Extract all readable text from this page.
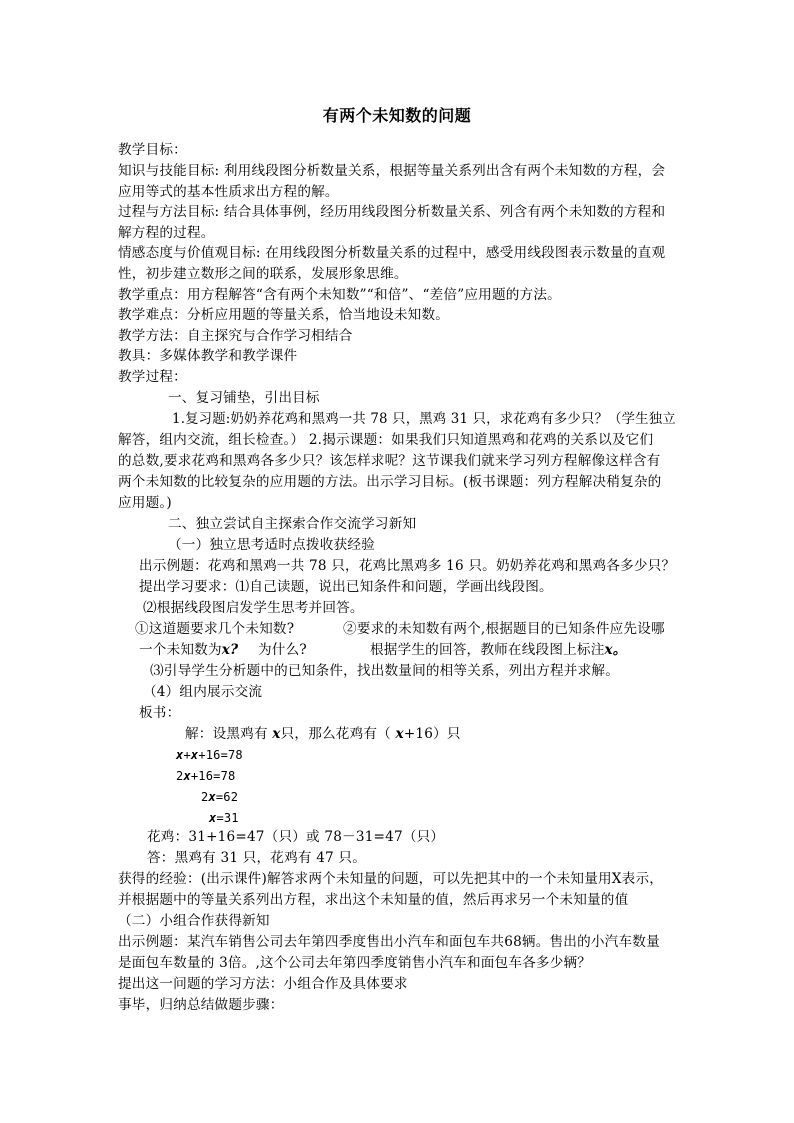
有两个未知数的问题
教学目标：
知识与技能目标: 利用线段图分析数量关系，根据等量关系列出含有两个未知数的方程，会
应用等式的基本性质求出方程的解。
过程与方法目标: 结合具体事例，经历用线段图分析数量关系、列含有两个未知数的方程和
解方程的过程。
情感态度与价值观目标: 在用线段图分析数量关系的过程中，感受用线段图表示数量的直观
性，初步建立数形之间的联系，发展形象思维。
教学重点：用方程解答“含有两个未知数”“和倍”、“差倍”应用题的方法。
教学难点：分析应用题的等量关系，恰当地设未知数。
教学方法：自主探究与合作学习相结合
教具：多媒体教学和教学课件
教学过程：
一、复习铺垫，引出目标
1.复习题:奶奶养花鸡和黑鸡一共 78 只，黑鸡 31 只，求花鸡有多少只？（学生独立
解答，组内交流，组长检查。） 2.揭示课题：如果我们只知道黑鸡和花鸡的关系以及它们
的总数,要求花鸡和黑鸡各多少只？该怎样求呢？这节课我们就来学习列方程解像这样含有
两个未知数的比较复杂的应用题的方法。出示学习目标。(板书课题：列方程解决稍复杂的
应用题。)
二、独立尝试自主探索合作交流学习新知
（一）独立思考适时点拨收获经验
出示例题：花鸡和黑鸡一共 78 只，花鸡比黑鸡多 16 只。奶奶养花鸡和黑鸡各多少只？
提出学习要求：⑴自己读题，说出已知条件和问题，学画出线段图。
⑵根据线段图启发学生思考并回答。
①这道题要求几个未知数?	②要求的未知数有两个,根据题目的已知条件应先设哪
一个未知数为x? 为什么?	根据学生的回答，教师在线段图上标注x。
⑶引导学生分析题中的已知条件，找出数量间的相等关系，列出方程并求解。
（4）组内展示交流
板书：
解：设黑鸡有 x只，那么花鸡有（ x+16）只
x+x+16=78
2x+16=78
2x=62
x=31
花鸡：31+16=47（只）或 78－31=47（只）
答：黑鸡有 31 只，花鸡有 47 只。
获得的经验：(出示课件)解答求两个未知量的问题，可以先把其中的一个未知量用X表示，
并根据题中的等量关系列出方程，求出这个未知量的值，然后再求另一个未知量的值
（二）小组合作获得新知
出示例题：某汽车销售公司去年第四季度售出小汽车和面包车共68辆。售出的小汽车数量
是面包车数量的 3倍。,这个公司去年第四季度销售小汽车和面包车各多少辆？
提出这一问题的学习方法：小组合作及具体要求
事毕，归纳总结做题步骤：
